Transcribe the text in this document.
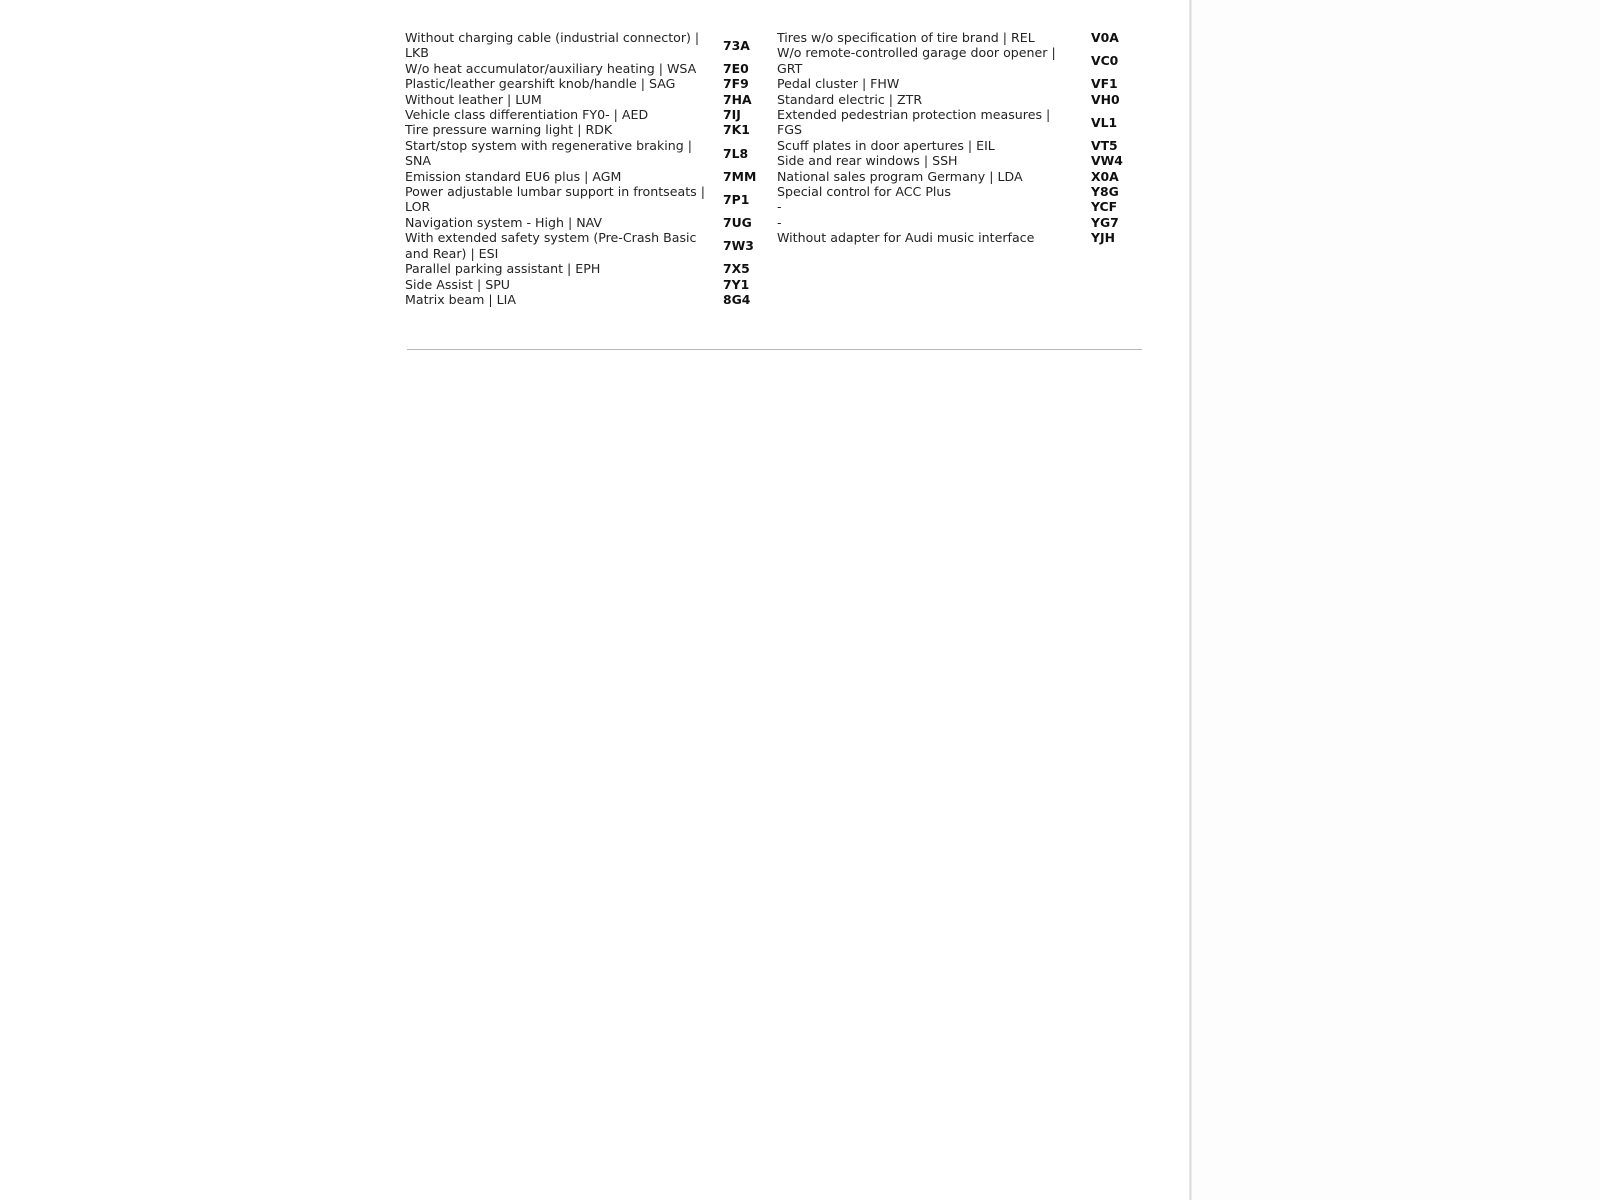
Without charging cable (industrial connector) | LKB	73A
W/o heat accumulator/auxiliary heating | WSA	7E0
Plastic/leather gearshift knob/handle | SAG	7F9
Without leather | LUM	7HA
Vehicle class differentiation FY0- | AED	7IJ
Tire pressure warning light | RDK	7K1
Start/stop system with regenerative braking | SNA	7L8
Emission standard EU6 plus | AGM	7MM
Power adjustable lumbar support in frontseats | LOR	7P1
Navigation system - High | NAV	7UG
With extended safety system (Pre-Crash Basic and Rear) | ESI	7W3
Parallel parking assistant | EPH	7X5
Side Assist | SPU	7Y1
Matrix beam | LIA	8G4
Tires w/o specification of tire brand | REL	V0A
W/o remote-controlled garage door opener | GRT	VC0
Pedal cluster | FHW	VF1
Standard electric | ZTR	VH0
Extended pedestrian protection measures | FGS	VL1
Scuff plates in door apertures | EIL	VT5
Side and rear windows | SSH	VW4
National sales program Germany | LDA	X0A
Special control for ACC Plus	Y8G
-	YCF
-	YG7
Without adapter for Audi music interface	YJH
